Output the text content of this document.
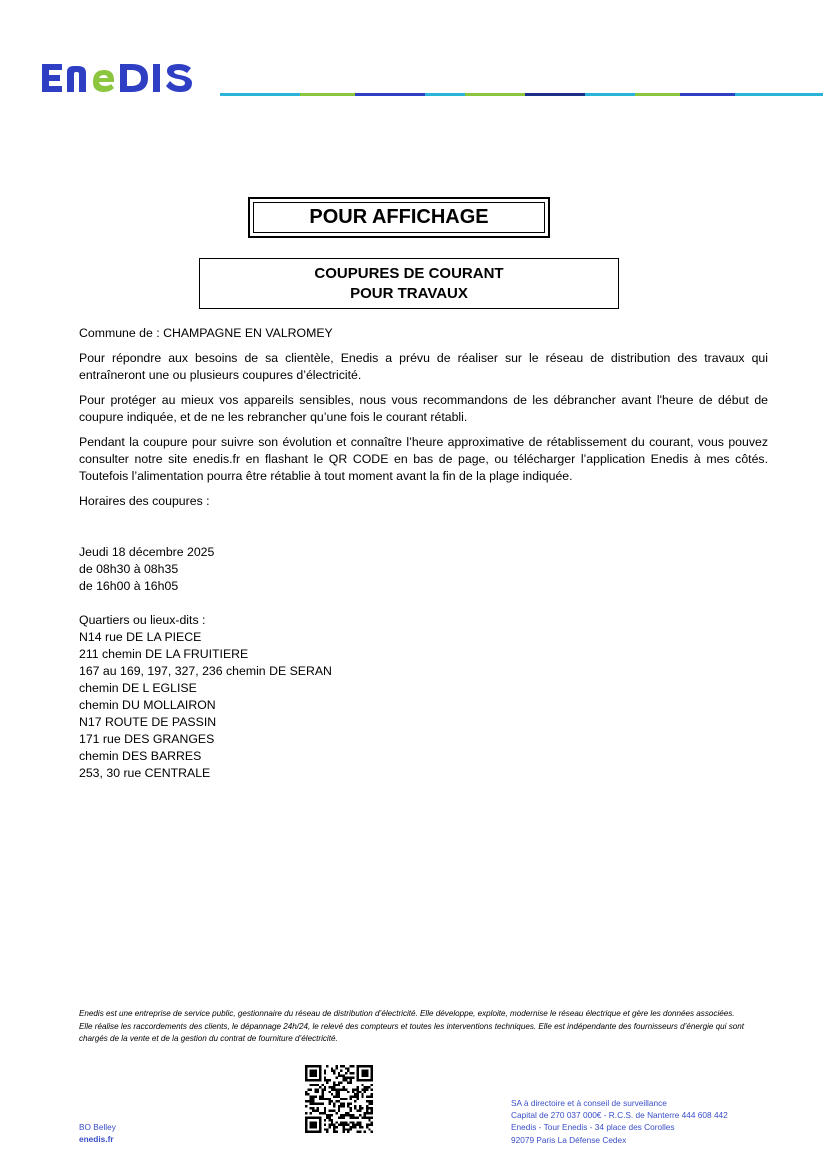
POUR AFFICHAGE
COUPURES DE COURANT
POUR TRAVAUX

Commune de : CHAMPAGNE EN VALROMEY

Pour répondre aux besoins de sa clientèle, Enedis a prévu de réaliser sur le réseau de distribution des travaux qui entraîneront une ou plusieurs coupures d’électricité.

Pour protéger au mieux vos appareils sensibles, nous vous recommandons de les débrancher avant l'heure de début de coupure indiquée, et de ne les rebrancher qu’une fois le courant rétabli.

Pendant la coupure pour suivre son évolution et connaître l’heure approximative de rétablissement du courant, vous pouvez consulter notre site enedis.fr en flashant le QR CODE en bas de page, ou télécharger l’application Enedis à mes côtés. Toutefois l’alimentation pourra être rétablie à tout moment avant la fin de la plage indiquée.

Horaires des coupures :

Jeudi 18 décembre 2025
de 08h30 à 08h35
de 16h00 à 16h05
Quartiers ou lieux-dits :
N14 rue DE LA PIECE
211 chemin DE LA FRUITIERE
167 au 169, 197, 327, 236 chemin DE SERAN
chemin DE L EGLISE
chemin DU MOLLAIRON
N17 ROUTE DE PASSIN
171 rue DES GRANGES
chemin DES BARRES
253, 30 rue CENTRALE
Enedis est une entreprise de service public, gestionnaire du réseau de distribution d’électricité. Elle développe, exploite, modernise le réseau électrique et gère les données associées. Elle réalise les raccordements des clients, le dépannage 24h/24, le relevé des compteurs et toutes les interventions techniques. Elle est indépendante des fournisseurs d’énergie qui sont chargés de la vente et de la gestion du contrat de fourniture d’électricité.
BO Belley
enedis.fr
SA à directoire et à conseil de surveillance
Capital de 270 037 000€ - R.C.S. de Nanterre 444 608 442
Enedis - Tour Enedis - 34 place des Corolles
92079 Paris La Défense Cedex
